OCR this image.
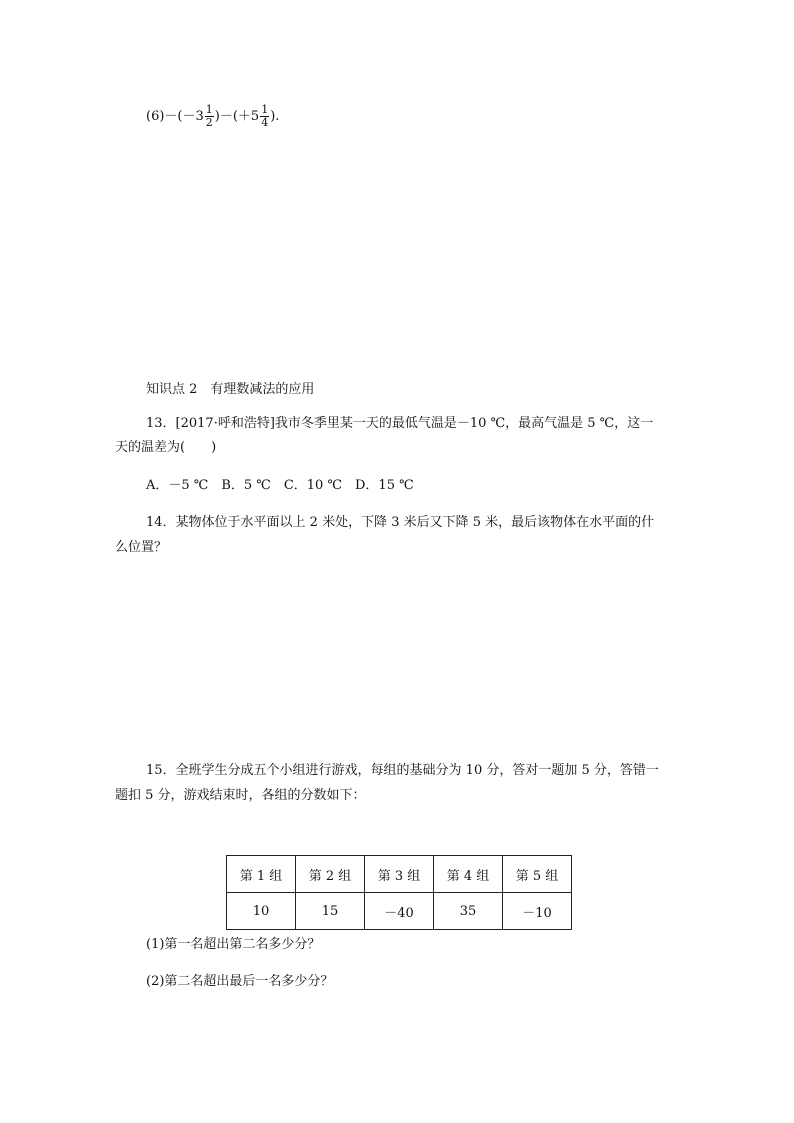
$(6)-(-3 \frac{1}{2} )-(+5 \frac{1}{4}$ ).
知识点 2　有理数减法的应用
13．[2017·呼和浩特]我市冬季里某一天的最低气温是－10 ℃，最高气温是 5 ℃，这一
天的温差为(　　)
A．－5 ℃　B．5 ℃　C．10 ℃　D．15 ℃
14．某物体位于水平面以上 2 米处，下降 3 米后又下降 5 米，最后该物体在水平面的什
么位置？
15．全班学生分成五个小组进行游戏，每组的基础分为 10 分，答对一题加 5 分，答错一
题扣 5 分，游戏结束时，各组的分数如下：
第 1 组	第 2 组	第 3 组	第 4 组	第 5 组
10	15	－40	35	－10
(1)第一名超出第二名多少分？
(2)第二名超出最后一名多少分？
